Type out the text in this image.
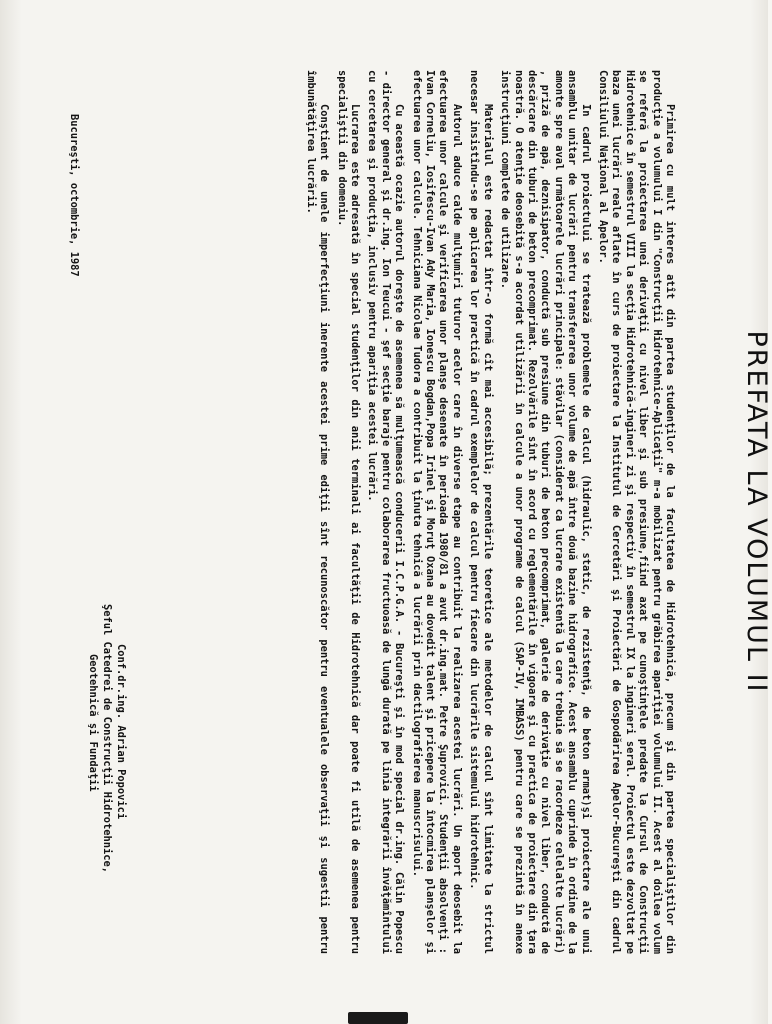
PREFATA LA VOLUMUL II

Primirea cu mult interes atît din partea studenţilor de la facultatea de Hidrotehnică, precum şi din partea specialiştilor din producţie a volumului I din "Construcţii Hidrotehnice-Aplicaţii" m-a mobilizat pentru grăbirea apariţiei volumului II. Acest al doilea volum se referă la proiectarea unei derivaţii cu nivel liber şi sub presiune,fiind axat pe cunoştinţele predate la Cursul de Construcţii Hidrotehnice în semestrul VIII la secţia Hidrotehnică-ingineri zi şi respectiv în semestrul IX la ingineri seral. Proiectul este dezvoltat pe baza unei lucrări reale aflate în curs de proiectare la Institutul de Cercetări şi Proiectări de Gospodărirea Apelor-Bucureşti din cadrul Consiliului Naţional al Apelor.

In cadrul proiectului se tratează problemele de calcul (hidraulic, static, de rezistenţă, de beton armat)şi proiectare ale unui ansamblu unitar de lucrări pentru transferarea unor volume de apă între două bazine hidrografice. Acest ansamblu cuprinde în ordine de la amonte spre aval următoarele lucrări principale: stăvilar (considerat ca lucrare existentă la care trebuie să se racordeze celelalte lucrări) , priză de apă, deznisipator, conductă sub presiune din tuburi de beton precomprimat, galerie de derivaţie cu nivel liber, conductă de descărcare din tuburi de beton precomprimat. Rezolvările sînt în acord cu reglementările în vigoare şi cu practica de proiectare din ţara noastră. O atenţie deosebită s-a acordat utilizării în calcule a unor programe de calcul (SAP-IV, IMBASS) pentru care se prezintă în anexe instrucţiuni complete de utilizare.

Materialul este redactat într-o formă cît mai accesibilă; prezentările teoretice ale metodelor de calcul sînt limitate la strictul necesar insistîndu-se pe aplicarea lor practică în cadrul exemplelor de calcul pentru fiecare din lucrările sistemului hidrotehnic.

Autorul aduce calde mulţumiri tuturor acelor care în diverse etape au contribuit la realizarea acestei lucrări. Un aport deosebit la efectuarea unor calcule şi verificarea unor planşe desenate în perioada 1980/81 a avut dr.ing.mat. Petre Şuprovici. Studenţii absolvenţi : Ivan Corneliu, Iosifescu-Ivan Ady Maria, Ionescu Bogdan,Popa Irinel şi Moruţ Oxana au dovedit talent şi pricepere la întocmirea planşelor şi efectuarea unor calcule. Tehniciana Nicolae Tudora a contribuit la ţinuta tehnică a lucrării prin dactilografierea manuscrisului.

Cu această ocazie autorul doreşte de asemenea să mulţumească conducerii I.C.P.G.A. - Bucureşti şi în mod special dr.ing. Călin Popescu - director general şi dr.ing. Ion Teucui - şef secţie baraje pentru colaborarea fructuoasă de lungă durată pe linia integrării învăţămîntului cu cercetarea şi producţia, inclusiv pentru apariţia acestei lucrări.

Lucrarea este adresată în special studenţilor din anii terminali ai facultăţii de Hidrotehnică dar poate fi utilă de asemenea pentru specialiştii din domeniu.

Conştient de unele imperfecţiuni inerente acestei prime ediţii sînt recunoscător pentru eventualele observaţii şi sugestii pentru îmbunătăţirea lucrării.

Bucureşti, octombrie, 1987
Conf.dr.ing. Adrian Popovici
Şeful Catedrei de Construcţii Hidrotehnice,
Geotehnică şi Fundaţii
